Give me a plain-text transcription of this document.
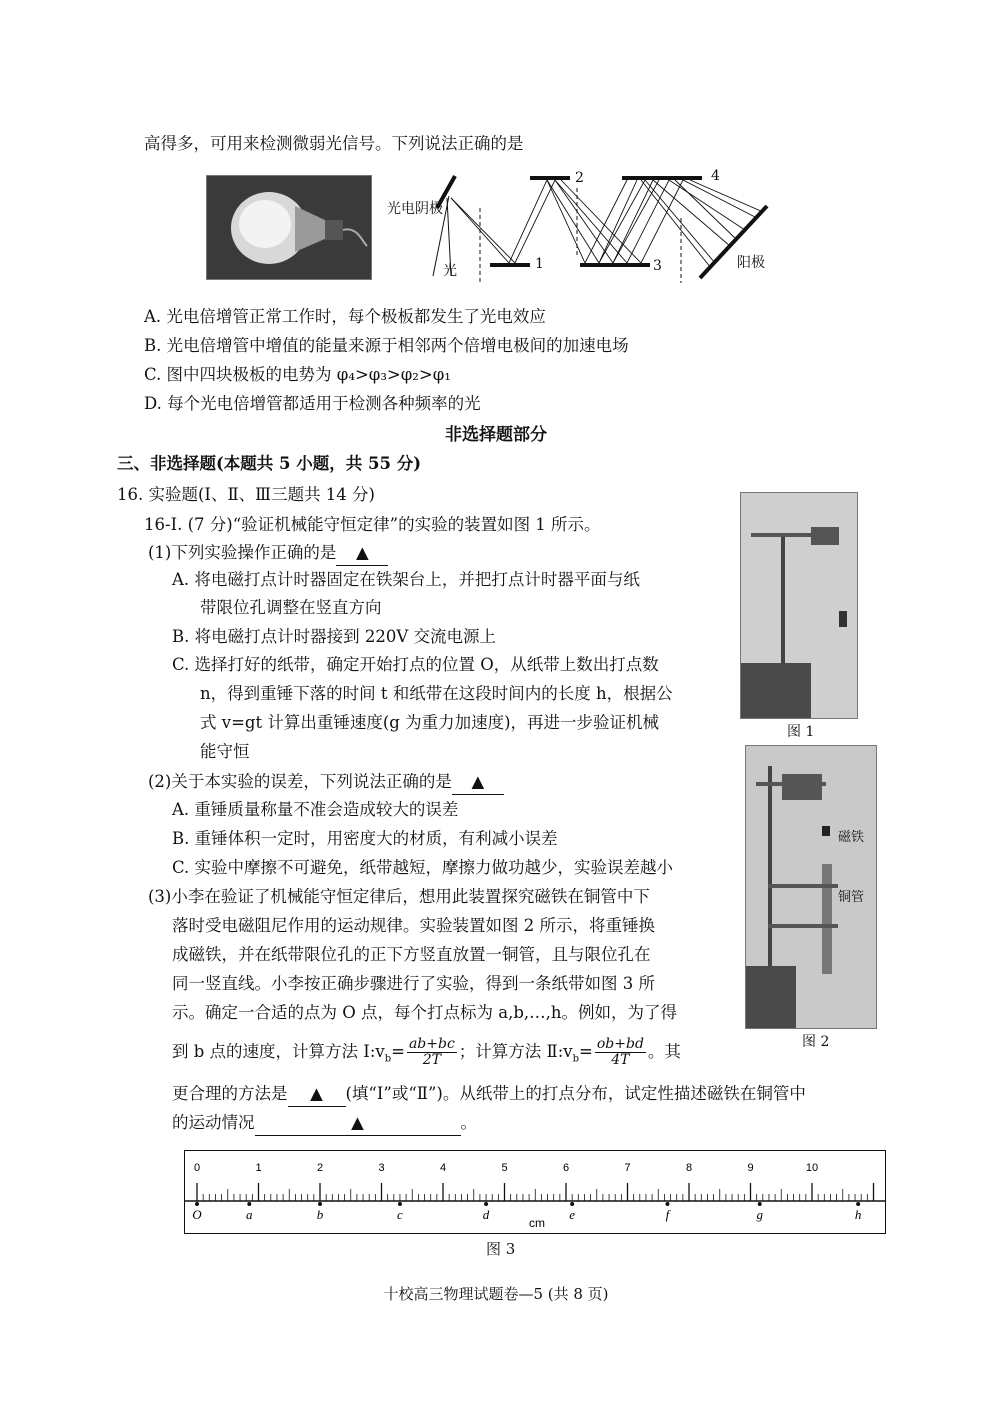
高得多，可用来检测微弱光信号。下列说法正确的是
光电阴极
光	1
2
3
4
阳极
A. 光电倍增管正常工作时，每个极板都发生了光电效应
B. 光电倍增管中增值的能量来源于相邻两个倍增电极间的加速电场
C. 图中四块极板的电势为 φ₄>φ₃>φ₂>φ₁
D. 每个光电倍增管都适用于检测各种频率的光
非选择题部分
三、非选择题(本题共 5 小题，共 55 分)
16. 实验题(Ⅰ、Ⅱ、Ⅲ三题共 14 分)
16-Ⅰ. (7 分)“验证机械能守恒定律”的实验的装置如图 1 所示。
(1)下列实验操作正确的是 ▲
A. 将电磁打点计时器固定在铁架台上，并把打点计时器平面与纸
带限位孔调整在竖直方向
B. 将电磁打点计时器接到 220V 交流电源上
C. 选择打好的纸带，确定开始打点的位置 O，从纸带上数出打点数
n，得到重锤下落的时间 t 和纸带在这段时间内的长度 h，根据公
式 v=gt 计算出重锤速度(g 为重力加速度)，再进一步验证机械
能守恒
(2)关于本实验的误差，下列说法正确的是 ▲
A. 重锤质量称量不准会造成较大的误差
B. 重锤体积一定时，用密度大的材质，有利减小误差
C. 实验中摩擦不可避免，纸带越短，摩擦力做功越少，实验误差越小
(3)小李在验证了机械能守恒定律后，想用此装置探究磁铁在铜管中下
落时受电磁阻尼作用的运动规律。实验装置如图 2 所示，将重锤换
成磁铁，并在纸带限位孔的正下方竖直放置一铜管，且与限位孔在
同一竖直线。小李按正确步骤进行了实验，得到一条纸带如图 3 所
示。确定一合适的点为 O 点，每个打点标为 a,b,…,h。例如，为了得
到 b 点的速度，计算方法 $Ⅰ:v_b= \frac{ab+bc}{2T}$ ；计算方法 $Ⅱ:v_b= \frac{ob+bd}{4T}$ 。其
更合理的方法是 ▲ (填“Ⅰ”或“Ⅱ”)。从纸带上的打点分布，试定性描述磁铁在铜管中
的运动情况	▲	。
图 1
磁铁
铜管
图 2
0	1	2	3	4	5	6	7	8	9	10
O	a	b	c	d	e	f	g	h
cm
图 3
十校高三物理试题卷—5 (共 8 页)
